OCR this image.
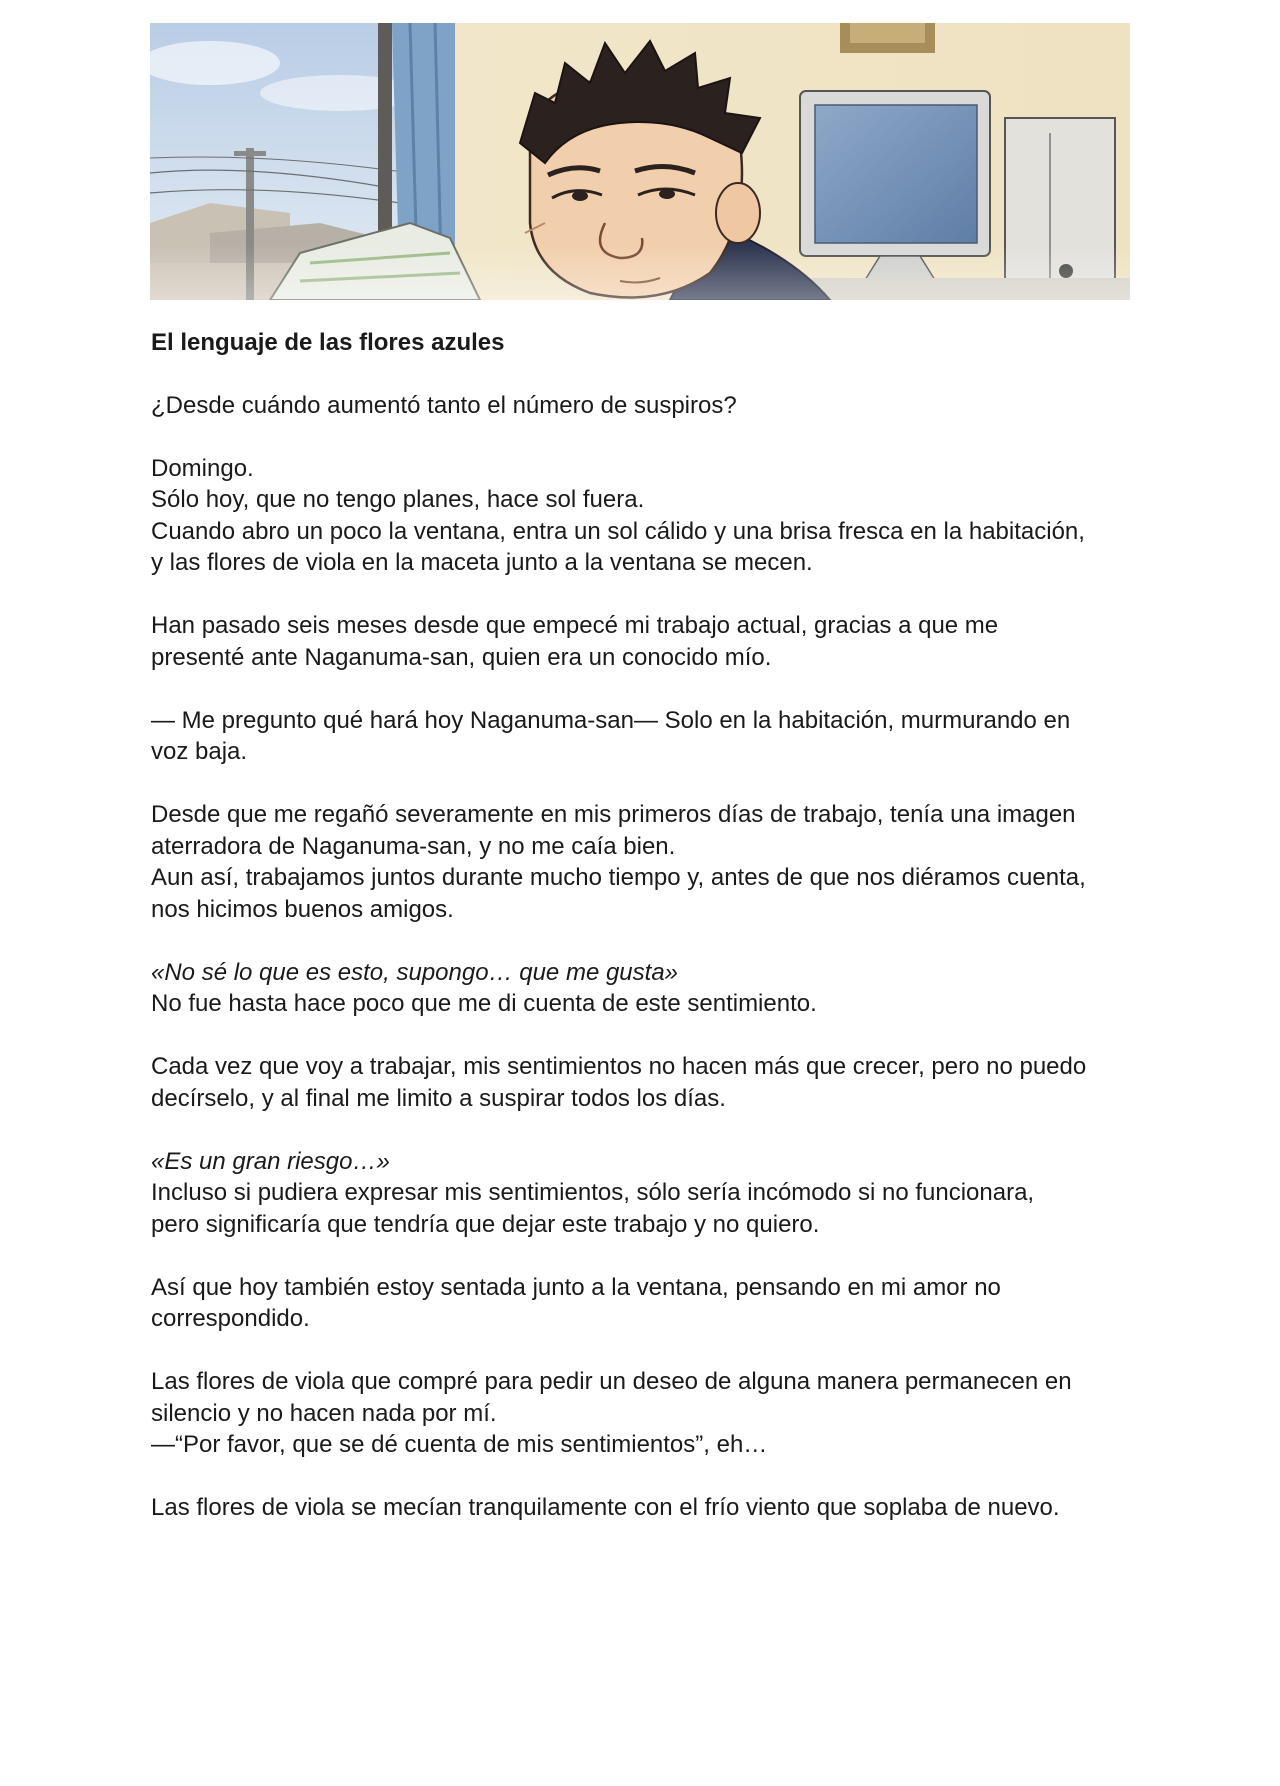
El lenguaje de las flores azules

¿Desde cuándo aumentó tanto el número de suspiros?

Domingo.
Sólo hoy, que no tengo planes, hace sol fuera.
Cuando abro un poco la ventana, entra un sol cálido y una brisa fresca en la habitación,
y las flores de viola en la maceta junto a la ventana se mecen.

Han pasado seis meses desde que empecé mi trabajo actual, gracias a que me
presenté ante Naganuma-san, quien era un conocido mío.

— Me pregunto qué hará hoy Naganuma-san— Solo en la habitación, murmurando en
voz baja.

Desde que me regañó severamente en mis primeros días de trabajo, tenía una imagen
aterradora de Naganuma-san, y no me caía bien.
Aun así, trabajamos juntos durante mucho tiempo y, antes de que nos diéramos cuenta,
nos hicimos buenos amigos.

«No sé lo que es esto, supongo… que me gusta»
No fue hasta hace poco que me di cuenta de este sentimiento.

Cada vez que voy a trabajar, mis sentimientos no hacen más que crecer, pero no puedo
decírselo, y al final me limito a suspirar todos los días.

«Es un gran riesgo…»
Incluso si pudiera expresar mis sentimientos, sólo sería incómodo si no funcionara,
pero significaría que tendría que dejar este trabajo y no quiero.

Así que hoy también estoy sentada junto a la ventana, pensando en mi amor no
correspondido.

Las flores de viola que compré para pedir un deseo de alguna manera permanecen en
silencio y no hacen nada por mí.
—“Por favor, que se dé cuenta de mis sentimientos”, eh…

Las flores de viola se mecían tranquilamente con el frío viento que soplaba de nuevo.
